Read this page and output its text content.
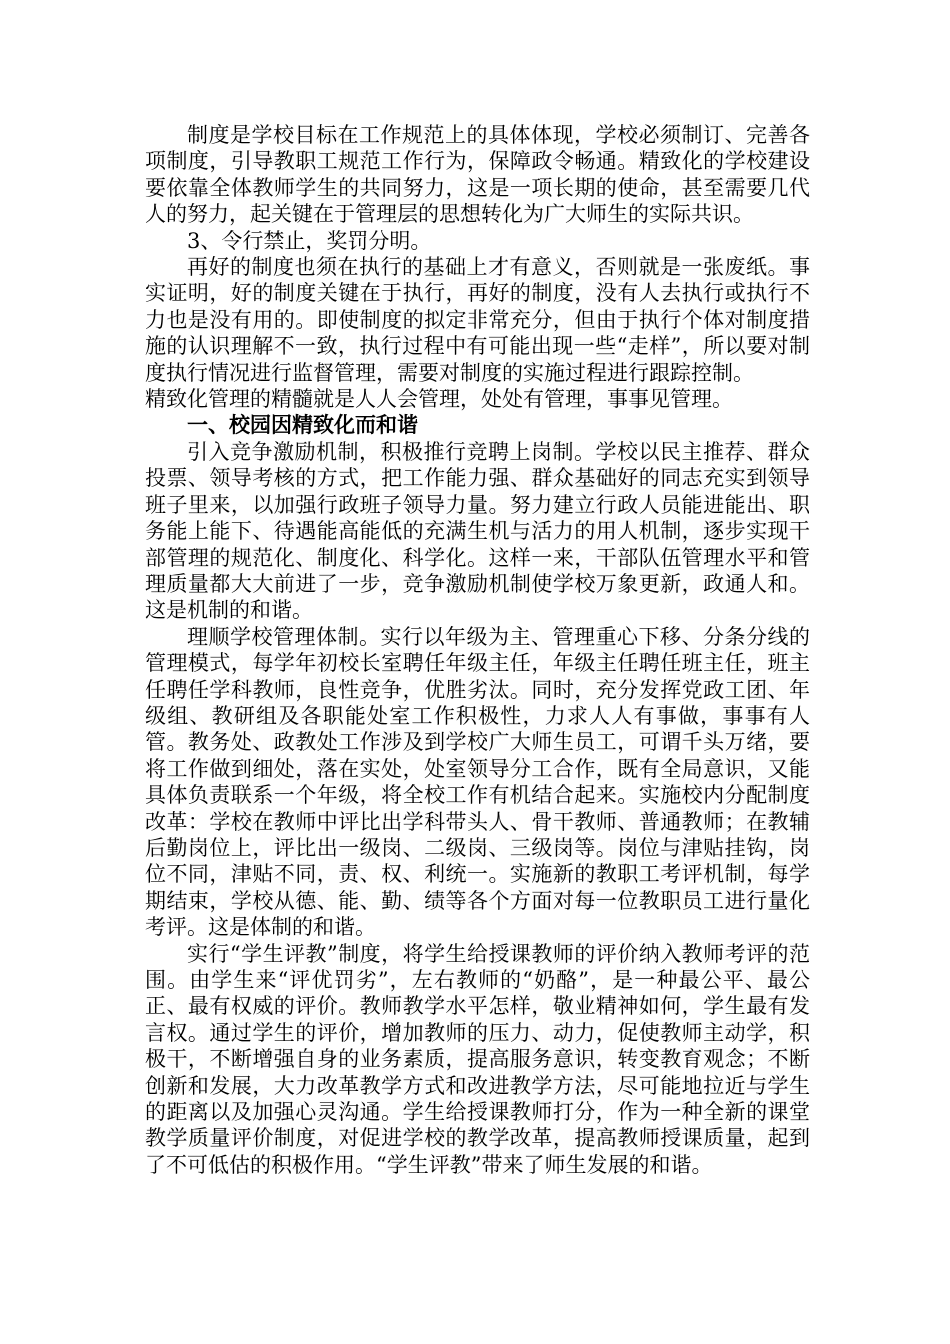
制度是学校目标在工作规范上的具体体现，学校必须制订、完善各项制度，引导教职工规范工作行为，保障政令畅通。精致化的学校建设要依靠全体教师学生的共同努力，这是一项长期的使命，甚至需要几代人的努力，起关键在于管理层的思想转化为广大师生的实际共识。

3、令行禁止，奖罚分明。

再好的制度也须在执行的基础上才有意义，否则就是一张废纸。事实证明，好的制度关键在于执行，再好的制度，没有人去执行或执行不力也是没有用的。即使制度的拟定非常充分，但由于执行个体对制度措施的认识理解不一致，执行过程中有可能出现一些“走样”，所以要对制度执行情况进行监督管理，需要对制度的实施过程进行跟踪控制。

精致化管理的精髓就是人人会管理，处处有管理，事事见管理。

一、校园因精致化而和谐

引入竞争激励机制，积极推行竞聘上岗制。学校以民主推荐、群众投票、领导考核的方式，把工作能力强、群众基础好的同志充实到领导班子里来，以加强行政班子领导力量。努力建立行政人员能进能出、职务能上能下、待遇能高能低的充满生机与活力的用人机制，逐步实现干部管理的规范化、制度化、科学化。这样一来，干部队伍管理水平和管理质量都大大前进了一步，竞争激励机制使学校万象更新，政通人和。这是机制的和谐。

理顺学校管理体制。实行以年级为主、管理重心下移、分条分线的管理模式，每学年初校长室聘任年级主任，年级主任聘任班主任，班主任聘任学科教师，良性竞争，优胜劣汰。同时，充分发挥党政工团、年级组、教研组及各职能处室工作积极性，力求人人有事做，事事有人管。教务处、政教处工作涉及到学校广大师生员工，可谓千头万绪，要将工作做到细处，落在实处，处室领导分工合作，既有全局意识，又能具体负责联系一个年级，将全校工作有机结合起来。实施校内分配制度改革：学校在教师中评比出学科带头人、骨干教师、普通教师；在教辅后勤岗位上，评比出一级岗、二级岗、三级岗等。岗位与津贴挂钩，岗位不同，津贴不同，责、权、利统一。实施新的教职工考评机制，每学期结束，学校从德、能、勤、绩等各个方面对每一位教职员工进行量化考评。这是体制的和谐。

实行“学生评教”制度，将学生给授课教师的评价纳入教师考评的范围。由学生来“评优罚劣”，左右教师的“奶酪”，是一种最公平、最公正、最有权威的评价。教师教学水平怎样，敬业精神如何，学生最有发言权。通过学生的评价，增加教师的压力、动力，促使教师主动学，积极干，不断增强自身的业务素质，提高服务意识，转变教育观念；不断创新和发展，大力改革教学方式和改进教学方法，尽可能地拉近与学生的距离以及加强心灵沟通。学生给授课教师打分，作为一种全新的课堂教学质量评价制度，对促进学校的教学改革，提高教师授课质量，起到了不可低估的积极作用。“学生评教”带来了师生发展的和谐。
